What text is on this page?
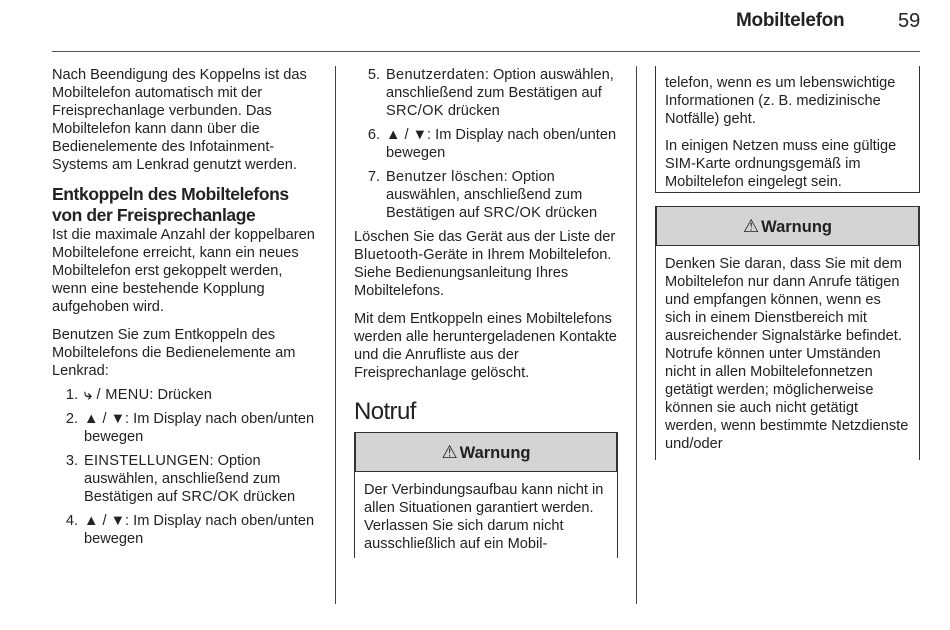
Mobiltelefon	59

Nach Beendigung des Koppelns ist das Mobiltelefon automatisch mit der Freisprechanlage verbunden. Das Mobiltelefon kann dann über die Bedienelemente des Infotainment-Systems am Lenkrad genutzt werden.

Entkoppeln des Mobiltelefons von der Freisprechanlage

Ist die maximale Anzahl der koppelbaren Mobiltelefone erreicht, kann ein neues Mobiltelefon erst gekoppelt werden, wenn eine bestehende Kopplung aufgehoben wird.

Benutzen Sie zum Entkoppeln des Mobiltelefons die Bedienelemente am Lenkrad:

1. ⤷ / MENU: Drücken
2. ▲ / ▼: Im Display nach oben/unten bewegen
3. EINSTELLUNGEN: Option auswählen, anschließend zum Bestätigen auf SRC/OK drücken
4. ▲ / ▼: Im Display nach oben/unten bewegen
5. Benutzerdaten: Option auswählen, anschließend zum Bestätigen auf SRC/OK drücken
6. ▲ / ▼: Im Display nach oben/unten bewegen
7. Benutzer löschen: Option auswählen, anschließend zum Bestätigen auf SRC/OK drücken

Löschen Sie das Gerät aus der Liste der Bluetooth-Geräte in Ihrem Mobiltelefon. Siehe Bedienungsanleitung Ihres Mobiltelefons.

Mit dem Entkoppeln eines Mobiltelefons werden alle heruntergeladenen Kontakte und die Anrufliste aus der Freisprechanlage gelöscht.

Notruf
⚠ Warnung
Der Verbindungsaufbau kann nicht in allen Situationen garantiert werden. Verlassen Sie sich darum nicht ausschließlich auf ein Mobil-

telefon, wenn es um lebenswichtige Informationen (z. B. medizinische Notfälle) geht.

In einigen Netzen muss eine gültige SIM-Karte ordnungsgemäß im Mobiltelefon eingelegt sein.

⚠ Warnung
Denken Sie daran, dass Sie mit dem Mobiltelefon nur dann Anrufe tätigen und empfangen können, wenn es sich in einem Dienstbereich mit ausreichender Signalstärke befindet. Notrufe können unter Umständen nicht in allen Mobiltelefonnetzen getätigt werden; möglicherweise können sie auch nicht getätigt werden, wenn bestimmte Netzdienste und/oder
